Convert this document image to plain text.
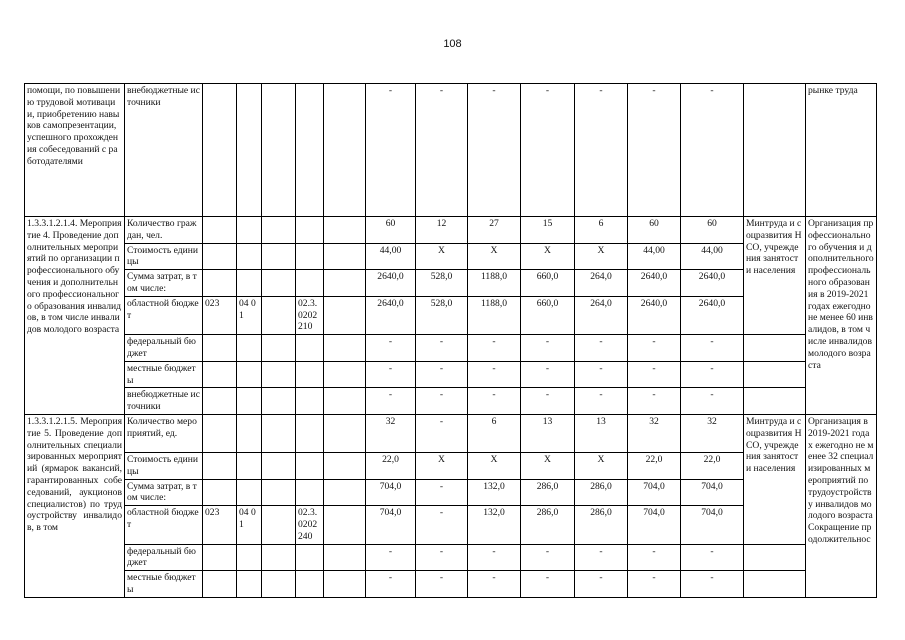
108
помощи, по повышению трудовой мотивации, приобретению навыков самопрезентации, успешного прохождения собеседований с работодателями	внебюджетные источники						-	-	-	-	-	-	-		рынке труда
1.3.3.1.2.1.4. Мероприятие 4. Проведение дополнительных мероприятий по организации профессионального обучения и дополнительного профессионального образования инвалидов, в том числе инвалидов молодого возраста	Количество граждан, чел.						60	12	27	15	6	60	60	Минтруда и соцразвития НСО, учреждения занятости населения	Организация профессионального обучения и дополнительного профессионального образования в 2019-2021 годах ежегодно не менее 60 инвалидов, в том числе инвалидов молодого возраста
	Стоимость единицы						44,00	Х	Х	Х	Х	44,00	44,00		
	Сумма затрат, в том числе:						2640,0	528,0	1188,0	660,0	264,0	2640,0	2640,0		
	областной бюджет	023	04 01		02.3. 0202 210		2640,0	528,0	1188,0	660,0	264,0	2640,0	2640,0		
	федеральный бюджет						-	-	-	-	-	-	-		
	местные бюджеты						-	-	-	-	-	-	-		
	внебюджетные источники						-	-	-	-	-	-	-		
1.3.3.1.2.1.5. Мероприятие 5. Проведение дополнительных специализированных мероприятий (ярмарок вакансий, гарантированных собеседований, аукционов специалистов) по трудоустройству инвалидов, в том	Количество мероприятий, ед.						32	-	6	13	13	32	32	Минтруда и соцразвития НСО, учреждения занятости населения	Организация в 2019-2021 годах ежегодно не менее 32 специализированных мероприятий по трудоустройству инвалидов молодого возраста Сокращение продолжительнос
	Стоимость единицы						22,0	Х	Х	Х	Х	22,0	22,0		
	Сумма затрат, в том числе:						704,0	-	132,0	286,0	286,0	704,0	704,0		
	областной бюджет	023	04 01		02.3. 0202 240		704,0	-	132,0	286,0	286,0	704,0	704,0		
	федеральный бюджет						-	-	-	-	-	-	-		
	местные бюджеты						-	-	-	-	-	-	-		
